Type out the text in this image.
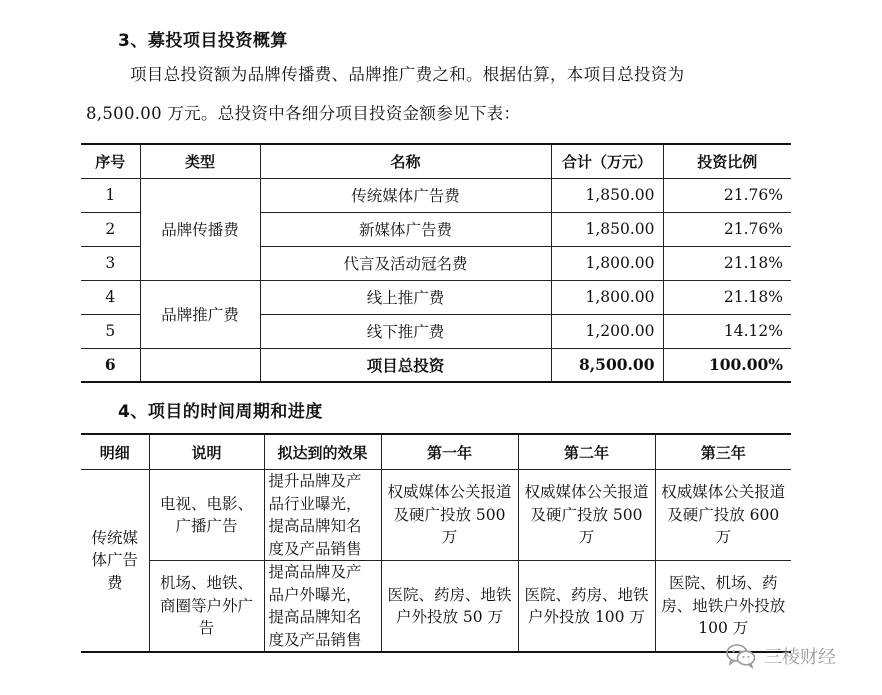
3、募投项目投资概算
项目总投资额为品牌传播费、品牌推广费之和。根据估算，本项目总投资为
8,500.00 万元。总投资中各细分项目投资金额参见下表：
序号	类型	名称	合计（万元）	投资比例
1	品牌传播费	传统媒体广告费	1,850.00	21.76%
2		新媒体广告费	1,850.00	21.76%
3		代言及活动冠名费	1,800.00	21.18%
4	品牌推广费	线上推广费	1,800.00	21.18%
5		线下推广费	1,200.00	14.12%
6		项目总投资	8,500.00	100.00%
4、项目的时间周期和进度
明细	说明	拟达到的效果	第一年	第二年	第三年
传统媒体广告费	电视、电影、广播广告	提升品牌及产品行业曝光，提高品牌知名度及产品销售	权威媒体公关报道及硬广投放 500 万	权威媒体公关报道及硬广投放 500 万	权威媒体公关报道及硬广投放 600 万
	机场、地铁、商圈等户外广告	提高品牌及产品户外曝光，提高品牌知名度及产品销售	医院、药房、地铁户外投放 50 万	医院、药房、地铁户外投放 100 万	医院、机场、药房、地铁户外投放 100 万
三棱财经
